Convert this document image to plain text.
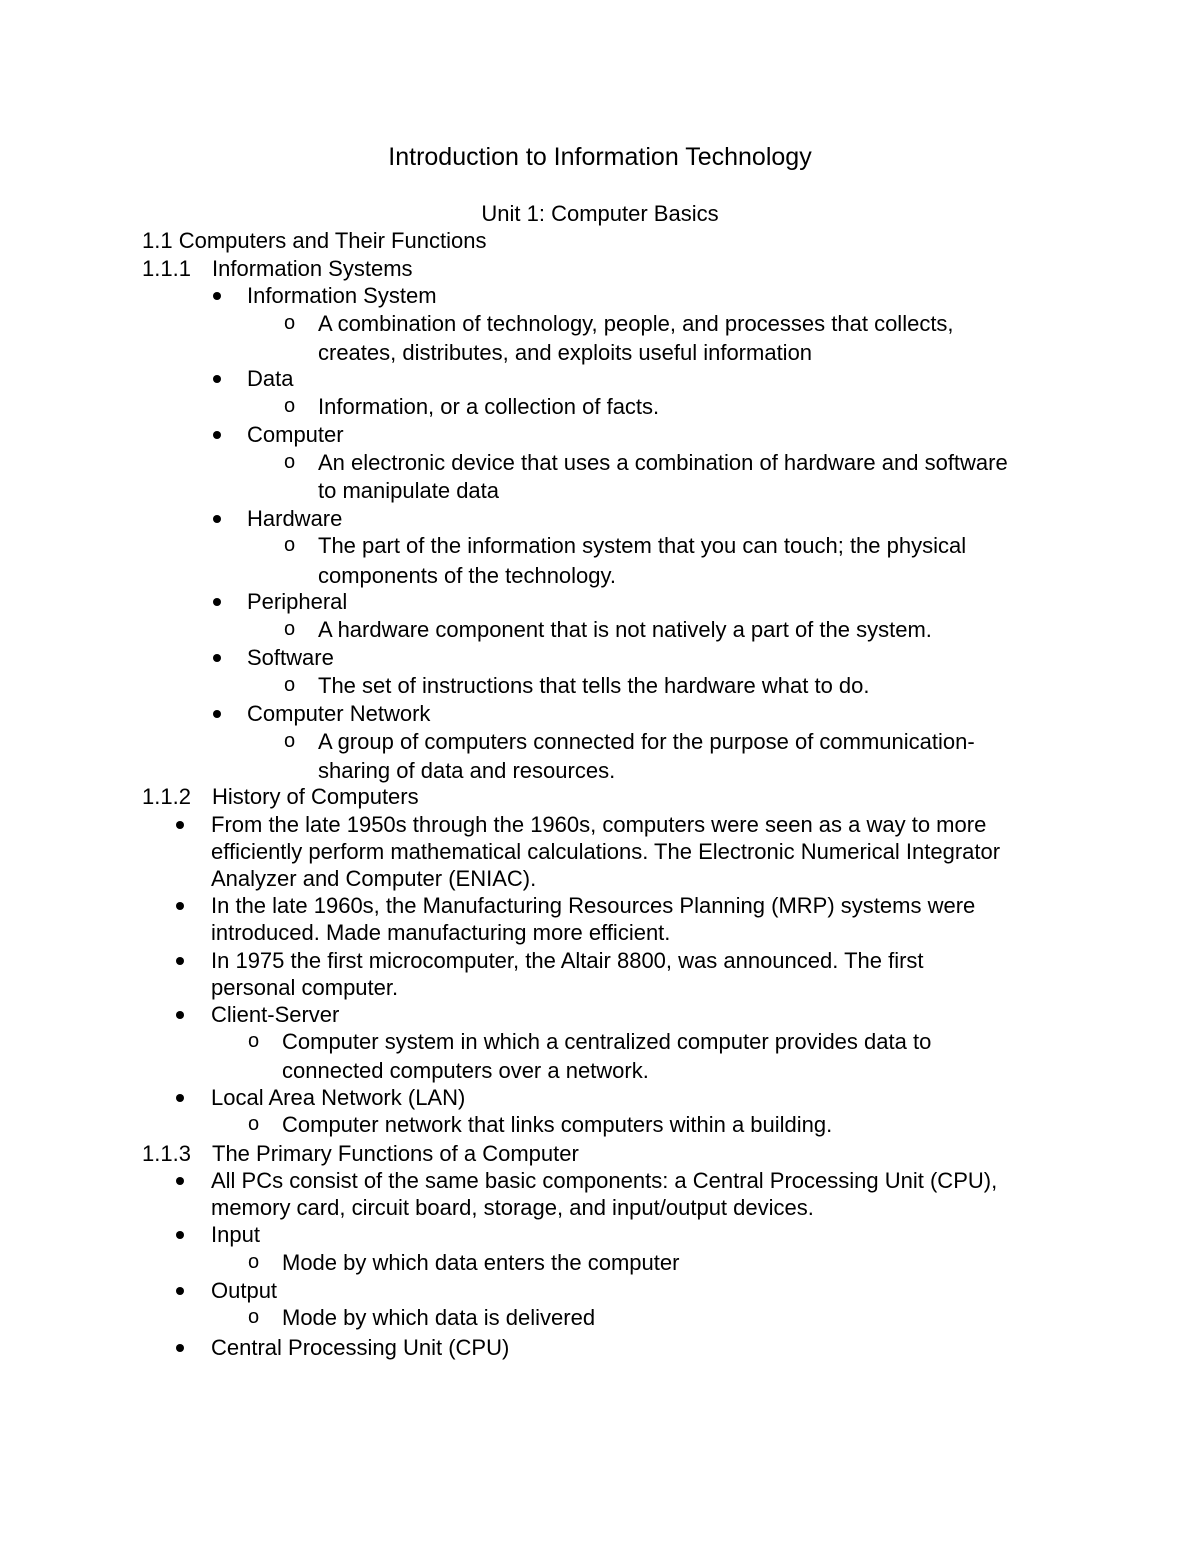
Introduction to Information Technology
Unit 1: Computer Basics
1.1 Computers and Their Functions
1.1.1 Information Systems
Information System
o A combination of technology, people, and processes that collects,
creates, distributes, and exploits useful information
Data
o Information, or a collection of facts.
Computer
o An electronic device that uses a combination of hardware and software
to manipulate data
Hardware
o The part of the information system that you can touch; the physical
components of the technology.
Peripheral
o A hardware component that is not natively a part of the system.
Software
o The set of instructions that tells the hardware what to do.
Computer Network
o A group of computers connected for the purpose of communication-
sharing of data and resources.
1.1.2 History of Computers
From the late 1950s through the 1960s, computers were seen as a way to more
efficiently perform mathematical calculations. The Electronic Numerical Integrator
Analyzer and Computer (ENIAC).
In the late 1960s, the Manufacturing Resources Planning (MRP) systems were
introduced. Made manufacturing more efficient.
In 1975 the first microcomputer, the Altair 8800, was announced. The first
personal computer.
Client-Server
o Computer system in which a centralized computer provides data to
connected computers over a network.
Local Area Network (LAN)
o Computer network that links computers within a building.
1.1.3 The Primary Functions of a Computer
All PCs consist of the same basic components: a Central Processing Unit (CPU),
memory card, circuit board, storage, and input/output devices.
Input
o Mode by which data enters the computer
Output
o Mode by which data is delivered
Central Processing Unit (CPU)
